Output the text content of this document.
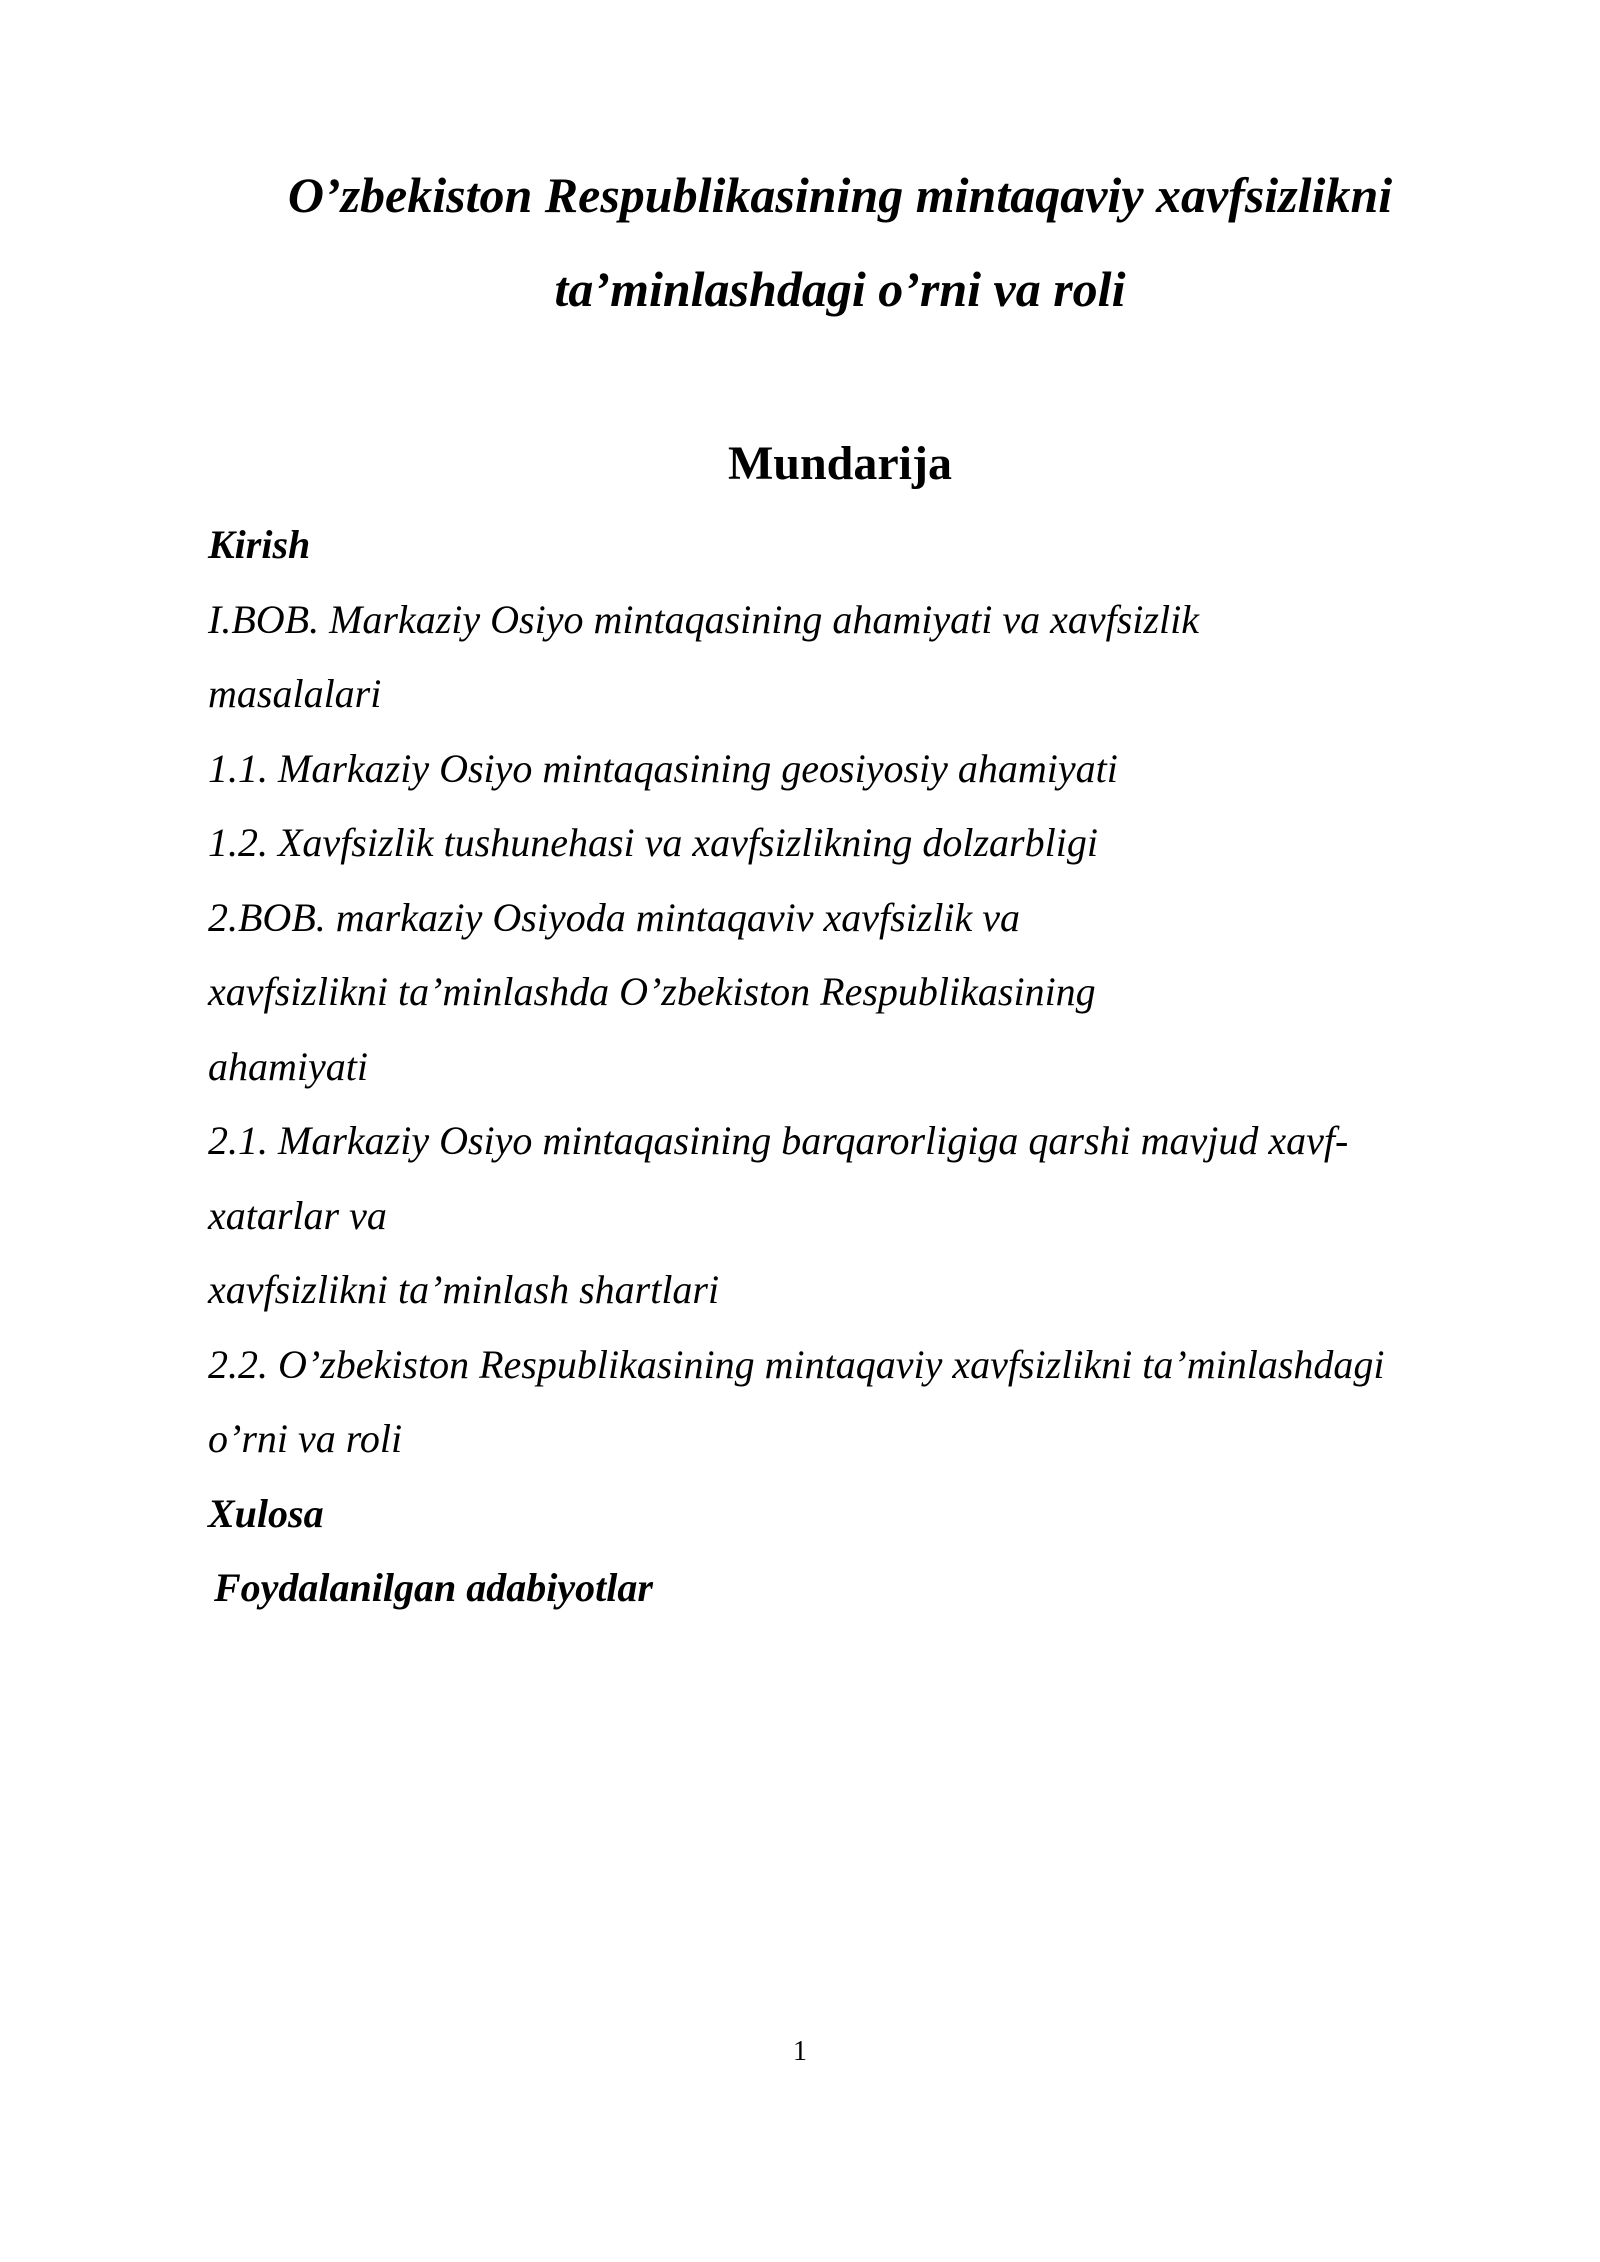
O’zbekiston Respublikasining mintaqaviy xavfsizlikni
ta’minlashdagi o’rni va roli
Mundarija
Kirish
I.BOB. Markaziy Osiyo mintaqasining ahamiyati va xavfsizlik
masalalari
1.1. Markaziy Osiyo mintaqasining geosiyosiy ahamiyati
1.2. Xavfsizlik tushunehasi va xavfsizlikning dolzarbligi
2.BOB. markaziy Osiyoda mintaqaviv xavfsizlik va
xavfsizlikni ta’minlashda O’zbekiston Respublikasining
ahamiyati
2.1. Markaziy Osiyo mintaqasining barqarorligiga qarshi mavjud xavf-
xatarlar va
xavfsizlikni ta’minlash shartlari
2.2. O’zbekiston Respublikasining mintaqaviy xavfsizlikni ta’minlashdagi
o’rni va roli
Xulosa
Foydalanilgan adabiyotlar
1
